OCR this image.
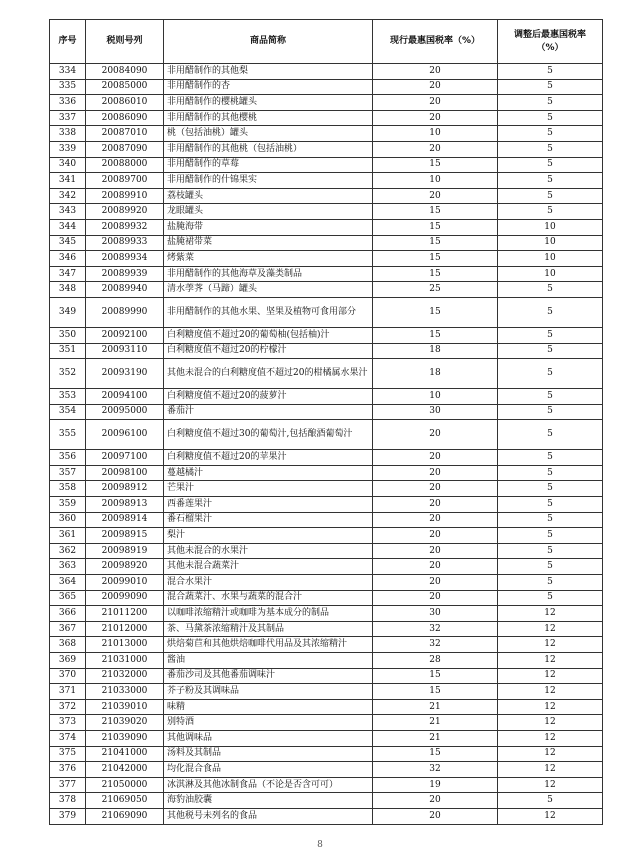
序号	税则号列	商品简称	现行最惠国税率（%）	调整后最惠国税率
（%）

334	20084090	非用醋制作的其他梨	20	5
335	20085000	非用醋制作的杏	20	5
336	20086010	非用醋制作的樱桃罐头	20	5
337	20086090	非用醋制作的其他樱桃	20	5
338	20087010	桃（包括油桃）罐头	10	5
339	20087090	非用醋制作的其他桃（包括油桃）	20	5
340	20088000	非用醋制作的草莓	15	5
341	20089700	非用醋制作的什锦果实	10	5
342	20089910	荔枝罐头	20	5
343	20089920	龙眼罐头	15	5
344	20089932	盐腌海带	15	10
345	20089933	盐腌裙带菜	15	10
346	20089934	烤紫菜	15	10
347	20089939	非用醋制作的其他海草及藻类制品	15	10
348	20089940	清水荸荠（马蹄）罐头	25	5
349	20089990	非用醋制作的其他水果、坚果及植物可食用部分	15	5
350	20092100	白利糖度值不超过20的葡萄柚(包括柚)汁	15	5
351	20093110	白利糖度值不超过20的柠檬汁	18	5
352	20093190	其他未混合的白利糖度值不超过20的柑橘属水果汁	18	5
353	20094100	白利糖度值不超过20的菠萝汁	10	5
354	20095000	番茄汁	30	5
355	20096100	白利糖度值不超过30的葡萄汁,包括酿酒葡萄汁	20	5
356	20097100	白利糖度值不超过20的苹果汁	20	5
357	20098100	蔓越橘汁	20	5
358	20098912	芒果汁	20	5
359	20098913	西番莲果汁	20	5
360	20098914	番石榴果汁	20	5
361	20098915	梨汁	20	5
362	20098919	其他未混合的水果汁	20	5
363	20098920	其他未混合蔬菜汁	20	5
364	20099010	混合水果汁	20	5
365	20099090	混合蔬菜汁、水果与蔬菜的混合汁	20	5
366	21011200	以咖啡浓缩精汁或咖啡为基本成分的制品	30	12
367	21012000	茶、马黛茶浓缩精汁及其制品	32	12
368	21013000	烘焙菊苣和其他烘焙咖啡代用品及其浓缩精汁	32	12
369	21031000	酱油	28	12
370	21032000	番茄沙司及其他番茄调味汁	15	12
371	21033000	芥子粉及其调味品	15	12
372	21039010	味精	21	12
373	21039020	别特酒	21	12
374	21039090	其他调味品	21	12
375	21041000	汤料及其制品	15	12
376	21042000	均化混合食品	32	12
377	21050000	冰淇淋及其他冰制食品（不论是否含可可）	19	12
378	21069050	海豹油胶囊	20	5
379	21069090	其他税号未列名的食品	20	12
8
